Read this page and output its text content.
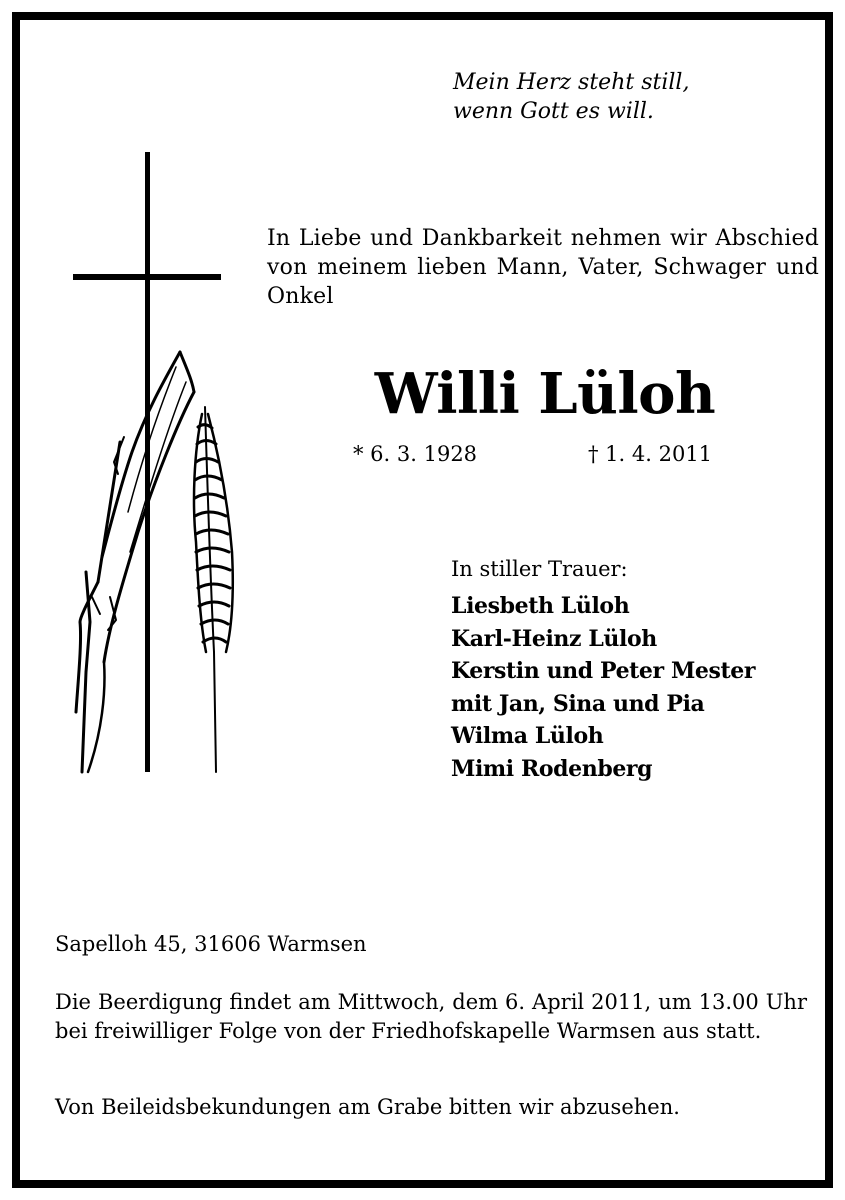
Mein Herz steht still,
wenn Gott es will.
In Liebe und Dankbarkeit nehmen wir Abschied von meinem lieben Mann, Vater, Schwager und Onkel
Willi Lüloh
* 6. 3. 1928	† 1. 4. 2011
In stiller Trauer:
Liesbeth Lüloh
Karl-Heinz Lüloh
Kerstin und Peter Mester
mit Jan, Sina und Pia
Wilma Lüloh
Mimi Rodenberg
Sapelloh 45, 31606 Warmsen
Die Beerdigung findet am Mittwoch, dem 6. April 2011, um 13.00 Uhr bei freiwilliger Folge von der Friedhofskapelle Warmsen aus statt.
Von Beileidsbekundungen am Grabe bitten wir abzusehen.
